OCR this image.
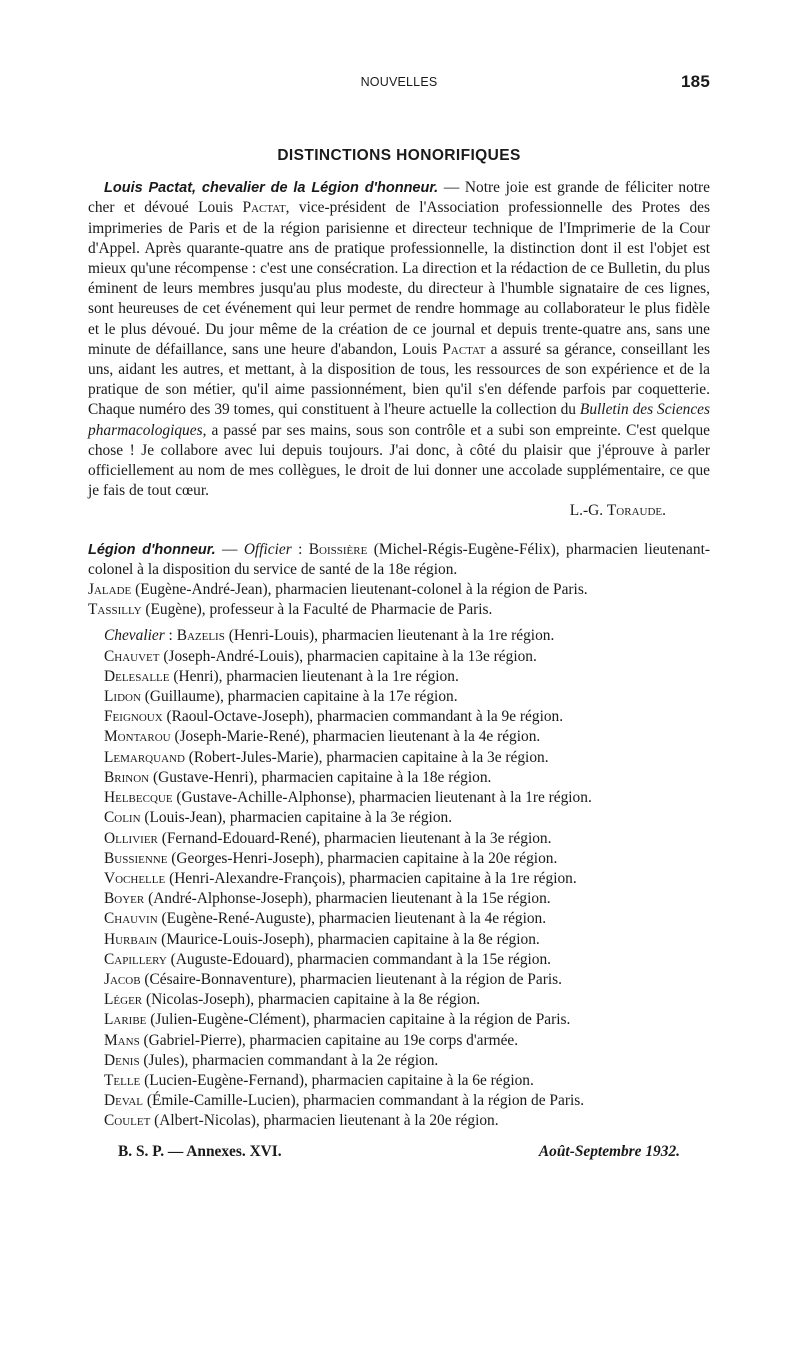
NOUVELLES	185
DISTINCTIONS HONORIFIQUES

Louis Pactat, chevalier de la Légion d'honneur. — Notre joie est grande de féliciter notre cher et dévoué Louis Pactat, vice-président de l'Association professionnelle des Protes des imprimeries de Paris et de la région parisienne et directeur technique de l'Imprimerie de la Cour d'Appel. Après quarante-quatre ans de pratique professionnelle, la distinction dont il est l'objet est mieux qu'une récompense : c'est une consécration. La direction et la rédaction de ce Bulletin, du plus éminent de leurs membres jusqu'au plus modeste, du directeur à l'humble signataire de ces lignes, sont heureuses de cet événement qui leur permet de rendre hommage au collaborateur le plus fidèle et le plus dévoué. Du jour même de la création de ce journal et depuis trente-quatre ans, sans une minute de défaillance, sans une heure d'abandon, Louis Pactat a assuré sa gérance, conseillant les uns, aidant les autres, et mettant, à la disposition de tous, les ressources de son expérience et de la pratique de son métier, qu'il aime passionnément, bien qu'il s'en défende parfois par coquetterie. Chaque numéro des 39 tomes, qui constituent à l'heure actuelle la collection du Bulletin des Sciences pharmacologiques, a passé par ses mains, sous son contrôle et a subi son empreinte. C'est quelque chose ! Je collabore avec lui depuis toujours. J'ai donc, à côté du plaisir que j'éprouve à parler officiellement au nom de mes collègues, le droit de lui donner une accolade supplémentaire, ce que je fais de tout cœur.

L.-G. Toraude.

Légion d'honneur. — Officier : Boissière (Michel-Régis-Eugène-Félix), pharmacien lieutenant-colonel à la disposition du service de santé de la 18e région.

Jalade (Eugène-André-Jean), pharmacien lieutenant-colonel à la région de Paris.

Tassilly (Eugène), professeur à la Faculté de Pharmacie de Paris.

Chevalier : Bazelis (Henri-Louis), pharmacien lieutenant à la 1re région.

Chauvet (Joseph-André-Louis), pharmacien capitaine à la 13e région.

Delesalle (Henri), pharmacien lieutenant à la 1re région.

Lidon (Guillaume), pharmacien capitaine à la 17e région.

Feignoux (Raoul-Octave-Joseph), pharmacien commandant à la 9e région.

Montarou (Joseph-Marie-René), pharmacien lieutenant à la 4e région.

Lemarquand (Robert-Jules-Marie), pharmacien capitaine à la 3e région.

Brinon (Gustave-Henri), pharmacien capitaine à la 18e région.

Helbecque (Gustave-Achille-Alphonse), pharmacien lieutenant à la 1re région.

Colin (Louis-Jean), pharmacien capitaine à la 3e région.

Ollivier (Fernand-Edouard-René), pharmacien lieutenant à la 3e région.

Bussienne (Georges-Henri-Joseph), pharmacien capitaine à la 20e région.

Vochelle (Henri-Alexandre-François), pharmacien capitaine à la 1re région.

Boyer (André-Alphonse-Joseph), pharmacien lieutenant à la 15e région.

Chauvin (Eugène-René-Auguste), pharmacien lieutenant à la 4e région.

Hurbain (Maurice-Louis-Joseph), pharmacien capitaine à la 8e région.

Capillery (Auguste-Edouard), pharmacien commandant à la 15e région.

Jacob (Césaire-Bonnaventure), pharmacien lieutenant à la région de Paris.

Léger (Nicolas-Joseph), pharmacien capitaine à la 8e région.

Laribe (Julien-Eugène-Clément), pharmacien capitaine à la région de Paris.

Mans (Gabriel-Pierre), pharmacien capitaine au 19e corps d'armée.

Denis (Jules), pharmacien commandant à la 2e région.

Telle (Lucien-Eugène-Fernand), pharmacien capitaine à la 6e région.

Deval (Émile-Camille-Lucien), pharmacien commandant à la région de Paris.

Coulet (Albert-Nicolas), pharmacien lieutenant à la 20e région.

B. S. P. — Annexes. XVI.	Août-Septembre 1932.
